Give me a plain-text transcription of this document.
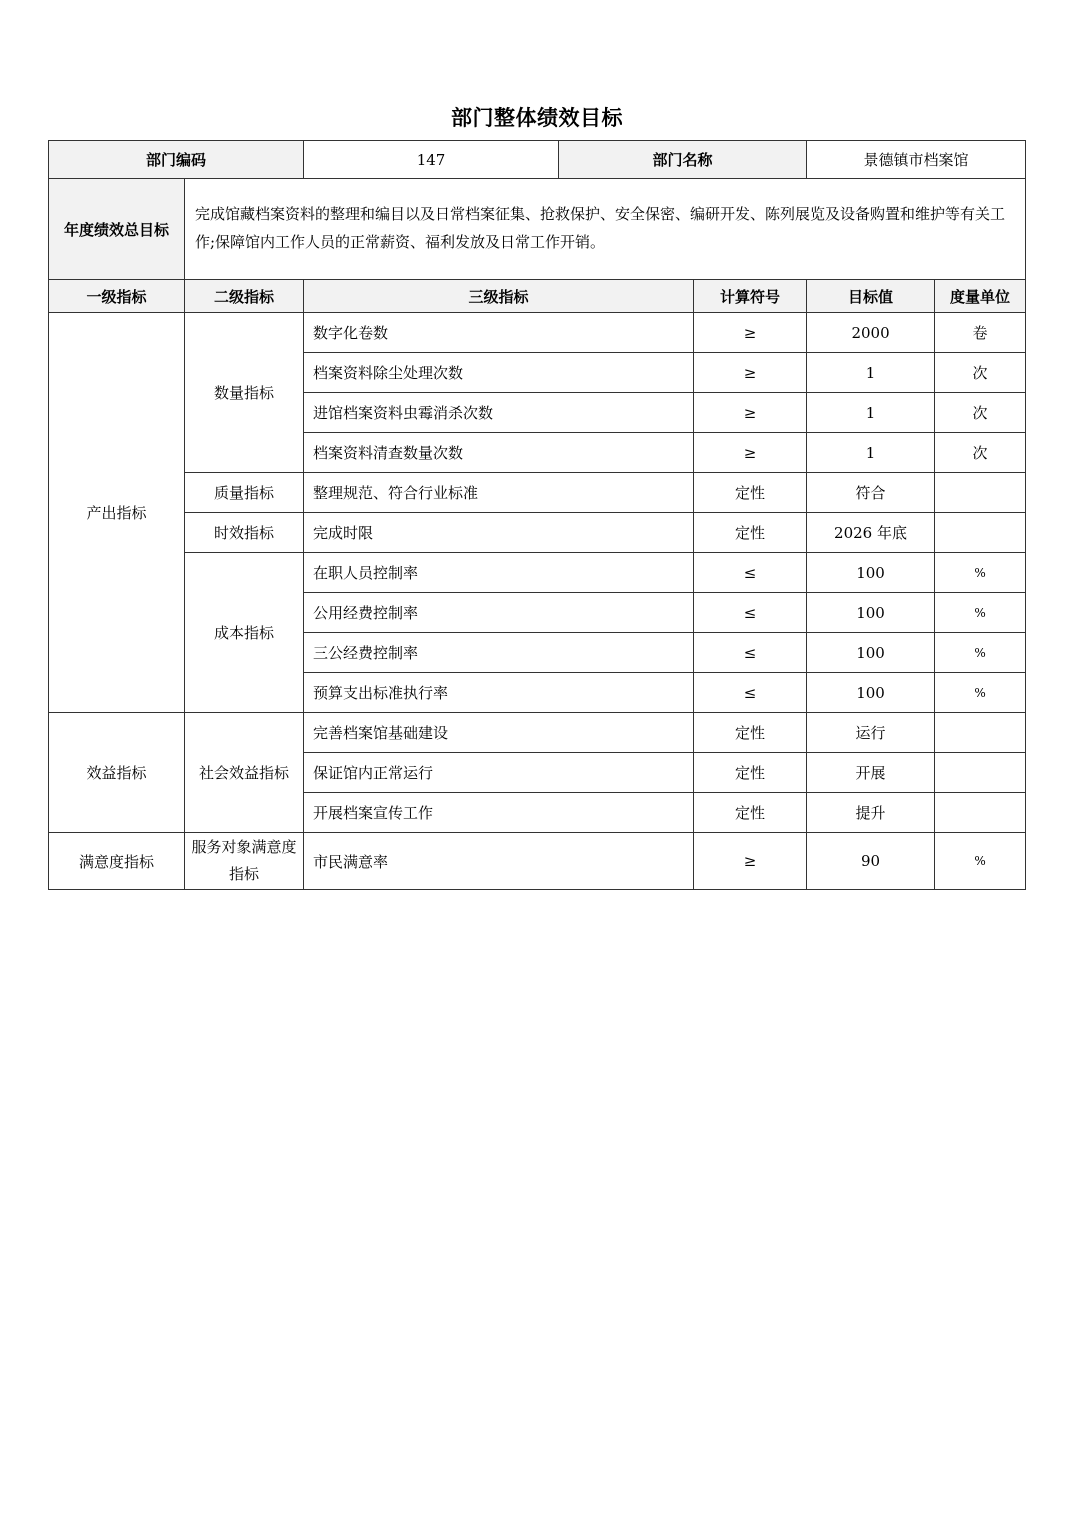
部门整体绩效目标
部门编码		147	部门名称		景德镇市档案馆	
年度绩效总目标	完成馆藏档案资料的整理和编目以及日常档案征集、抢救保护、安全保密、编研开发、陈列展览及设备购置和维护等有关工作;保障馆内工作人员的正常薪资、福利发放及日常工作开销。					
一级指标	二级指标	三级指标		计算符号	目标值	度量单位
产出指标	数量指标	数字化卷数		≥	2000	卷
		档案资料除尘处理次数		≥	1	次
		进馆档案资料虫霉消杀次数		≥	1	次
		档案资料清查数量次数		≥	1	次
	质量指标	整理规范、符合行业标准		定性	符合	
	时效指标	完成时限		定性	2026 年底	
	成本指标	在职人员控制率		≤	100	%
		公用经费控制率		≤	100	%
		三公经费控制率		≤	100	%
		预算支出标准执行率		≤	100	%
效益指标	社会效益指标	完善档案馆基础建设		定性	运行	
		保证馆内正常运行		定性	开展	
		开展档案宣传工作		定性	提升	
满意度指标	服务对象满意度指标	市民满意率		≥	90	%
